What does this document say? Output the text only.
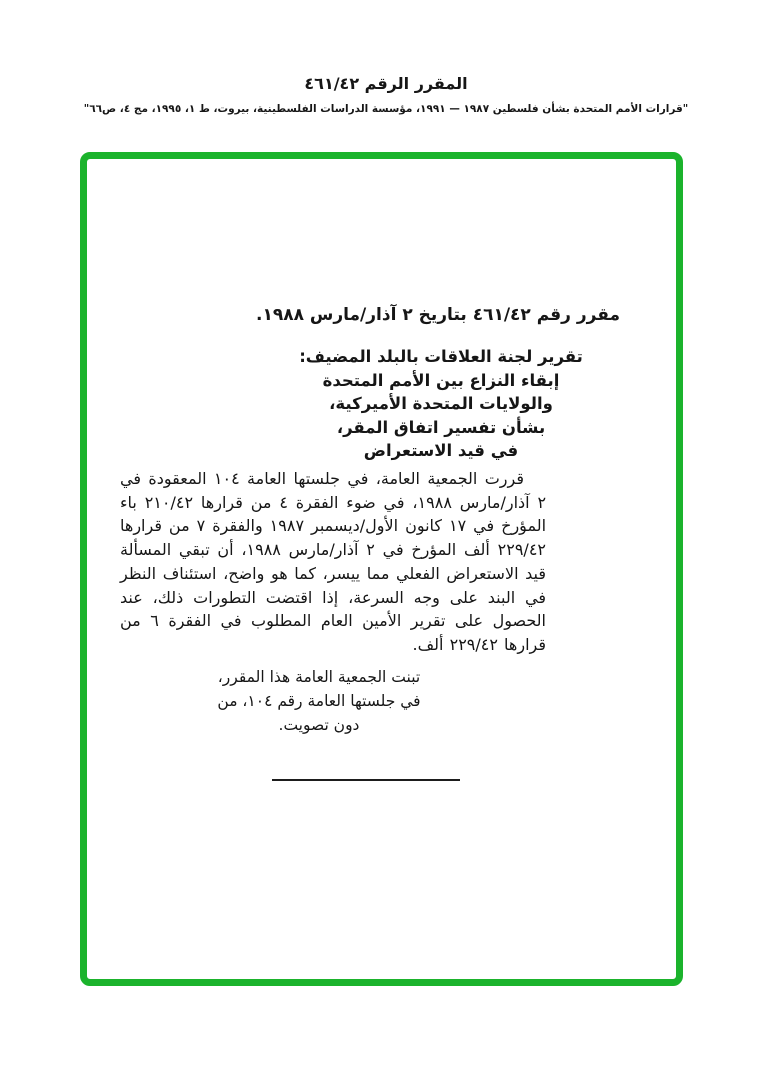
المقرر الرقم ٤٦١/٤٢
"قرارات الأمم المتحدة بشأن فلسطين ١٩٨٧ — ١٩٩١، مؤسسة الدراسات الفلسطينية، بيروت، ط ١، ١٩٩٥، مج ٤، ص٦٦"
مقرر رقم ٤٦١/٤٢ بتاريخ ٢ آذار/مارس ١٩٨٨.
تقرير لجنة العلاقات بالبلد المضيف:
إبقاء النزاع بين الأمم المتحدة
والولايات المتحدة الأميركية،
بشأن تفسير اتفاق المقر،
في قيد الاستعراض
قررت الجمعية العامة، في جلستها العامة ١٠٤ المعقودة في ٢ آذار/مارس ١٩٨٨، في ضوء الفقرة ٤ من قرارها ٢١٠/٤٢ باء المؤرخ في ١٧ كانون الأول/ديسمبر ١٩٨٧ والفقرة ٧ من قرارها ٢٢٩/٤٢ ألف المؤرخ في ٢ آذار/مارس ١٩٨٨، أن تبقي المسألة قيد الاستعراض الفعلي مما ييسر، كما هو واضح، استئناف النظر في البند على وجه السرعة، إذا اقتضت التطورات ذلك، عند الحصول على تقرير الأمين العام المطلوب في الفقرة ٦ من قرارها ٢٢٩/٤٢ ألف.
تبنت الجمعية العامة هذا المقرر،
في جلستها العامة رقم ١٠٤، من
دون تصويت.
